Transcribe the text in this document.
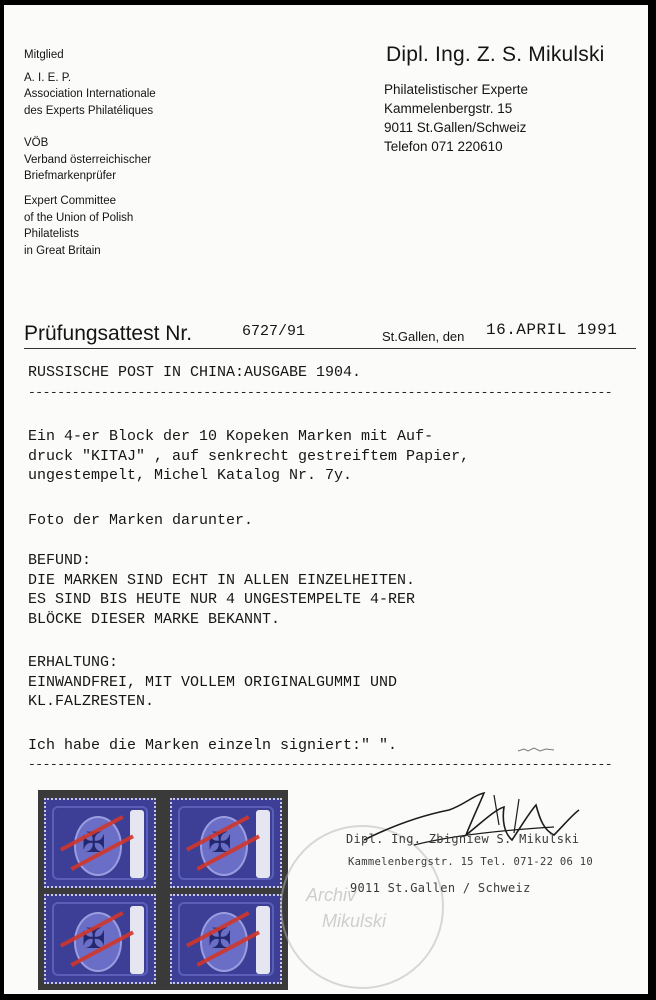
Mitglied
A. I. E. P.
Association Internationale
des Experts Philatéliques
VÖB
Verband österreichischer
Briefmarkenprüfer
Expert Committee
of the Union of Polish
Philatelists
in Great Britain
Dipl. Ing. Z. S. Mikulski
Philatelistischer Experte
Kammelenbergstr. 15
9011 St.Gallen/Schweiz
Telefon 071 220610
Prüfungsattest Nr.	6727/91	St.Gallen, den 16.APRIL 1991
RUSSISCHE POST IN CHINA:AUSGABE 1904.
--------------------------------------------------------------------------------
Ein 4-er Block der 10 Kopeken Marken mit Auf-
druck "KITAJ" , auf senkrecht gestreiftem Papier,
ungestempelt, Michel Katalog Nr. 7y.
Foto der Marken darunter.
BEFUND:
DIE MARKEN SIND ECHT IN ALLEN EINZELHEITEN.
ES SIND BIS HEUTE NUR 4 UNGESTEMPELTE 4-RER
BLÖCKE DIESER MARKE BEKANNT.
ERHALTUNG:
EINWANDFREI, MIT VOLLEM ORIGINALGUMMI UND
KL.FALZRESTEN.
Ich habe die Marken einzeln signiert:" ".
--------------------------------------------------------------------------------
✠	✠
✠	✠
Archiv
Mikulski
Dipl. Ing. Zbigniew S. Mikulski
Kammelenbergstr. 15 Tel. 071-22 06 10
9011 St.Gallen / Schweiz
